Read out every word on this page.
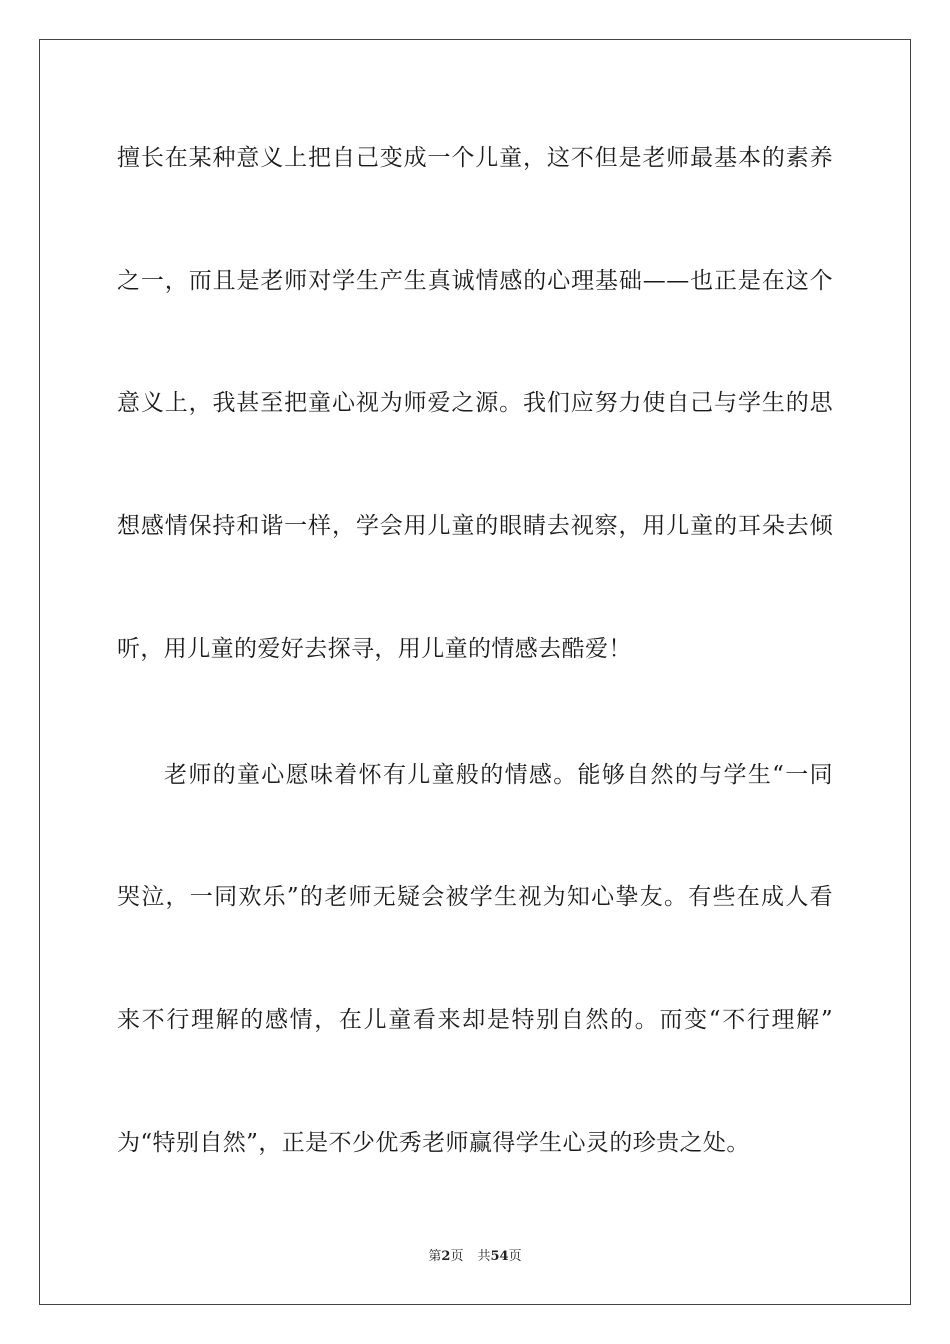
擅长在某种意义上把自己变成一个儿童，这不但是老师最基本的素养
之一，而且是老师对学生产生真诚情感的心理基础——也正是在这个
意义上，我甚至把童心视为师爱之源。我们应努力使自己与学生的思
想感情保持和谐一样，学会用儿童的眼睛去视察，用儿童的耳朵去倾
听，用儿童的爱好去探寻，用儿童的情感去酷爱！
老师的童心愿味着怀有儿童般的情感。能够自然的与学生“一同
哭泣，一同欢乐”的老师无疑会被学生视为知心挚友。有些在成人看
来不行理解的感情，在儿童看来却是特别自然的。而变“不行理解”
为“特别自然”，正是不少优秀老师赢得学生心灵的珍贵之处。
第2页 共54页
